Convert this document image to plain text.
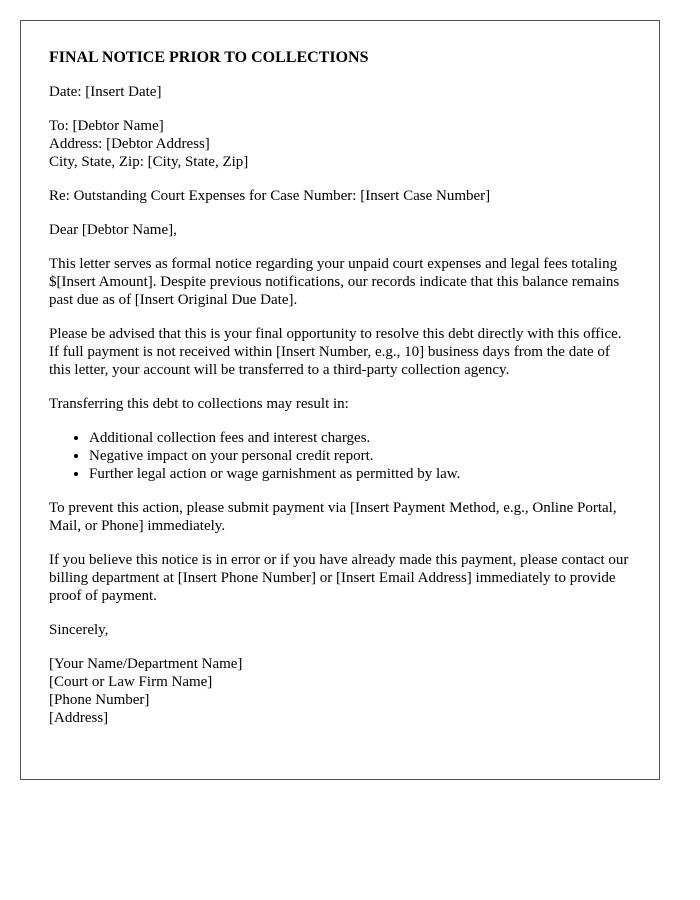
FINAL NOTICE PRIOR TO COLLECTIONS

Date: [Insert Date]

To: [Debtor Name]
Address: [Debtor Address]
City, State, Zip: [City, State, Zip]

Re: Outstanding Court Expenses for Case Number: [Insert Case Number]

Dear [Debtor Name],

This letter serves as formal notice regarding your unpaid court expenses and legal fees totaling $[Insert Amount]. Despite previous notifications, our records indicate that this balance remains past due as of [Insert Original Due Date].

Please be advised that this is your final opportunity to resolve this debt directly with this office. If full payment is not received within [Insert Number, e.g., 10] business days from the date of this letter, your account will be transferred to a third-party collection agency.

Transferring this debt to collections may result in:

• Additional collection fees and interest charges.
• Negative impact on your personal credit report.
• Further legal action or wage garnishment as permitted by law.

To prevent this action, please submit payment via [Insert Payment Method, e.g., Online Portal, Mail, or Phone] immediately.

If you believe this notice is in error or if you have already made this payment, please contact our billing department at [Insert Phone Number] or [Insert Email Address] immediately to provide proof of payment.

Sincerely,

[Your Name/Department Name]
[Court or Law Firm Name]
[Phone Number]
[Address]
